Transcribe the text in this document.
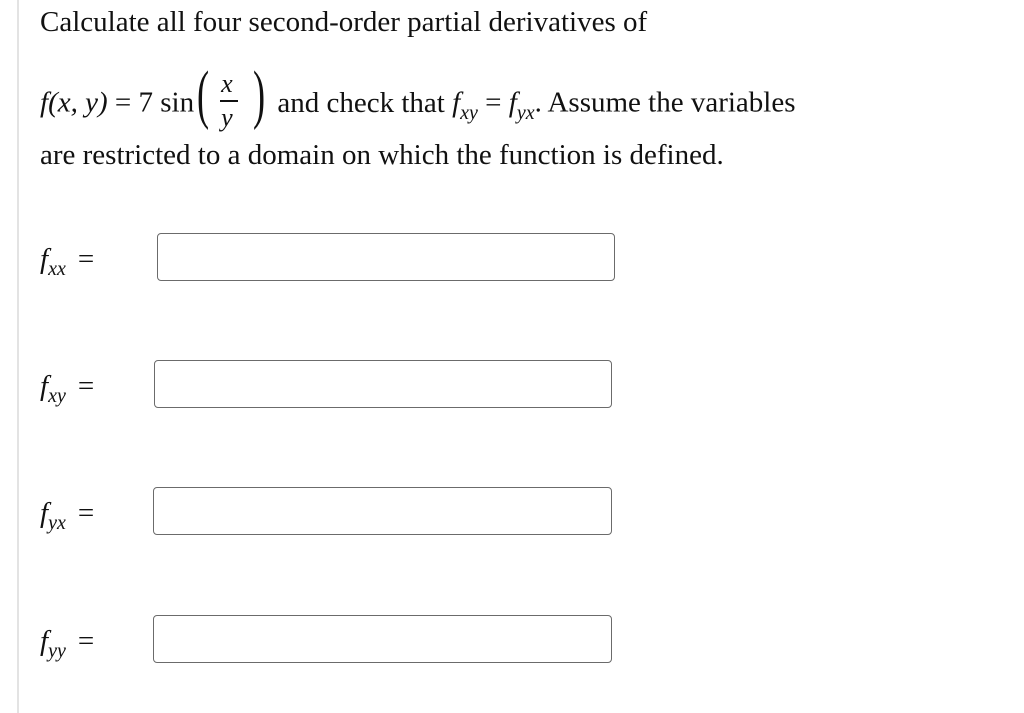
Calculate all four second-order partial derivatives of
f(x, y) = 7 sin ( x
y ) and check that $f_{xy} = f_{yx}$. Assume the variables
are restricted to a domain on which the function is defined.
$f_{xx}$ =
$f_{xy}$ =
$f_{yx}$ =
$f_{yy}$ =
